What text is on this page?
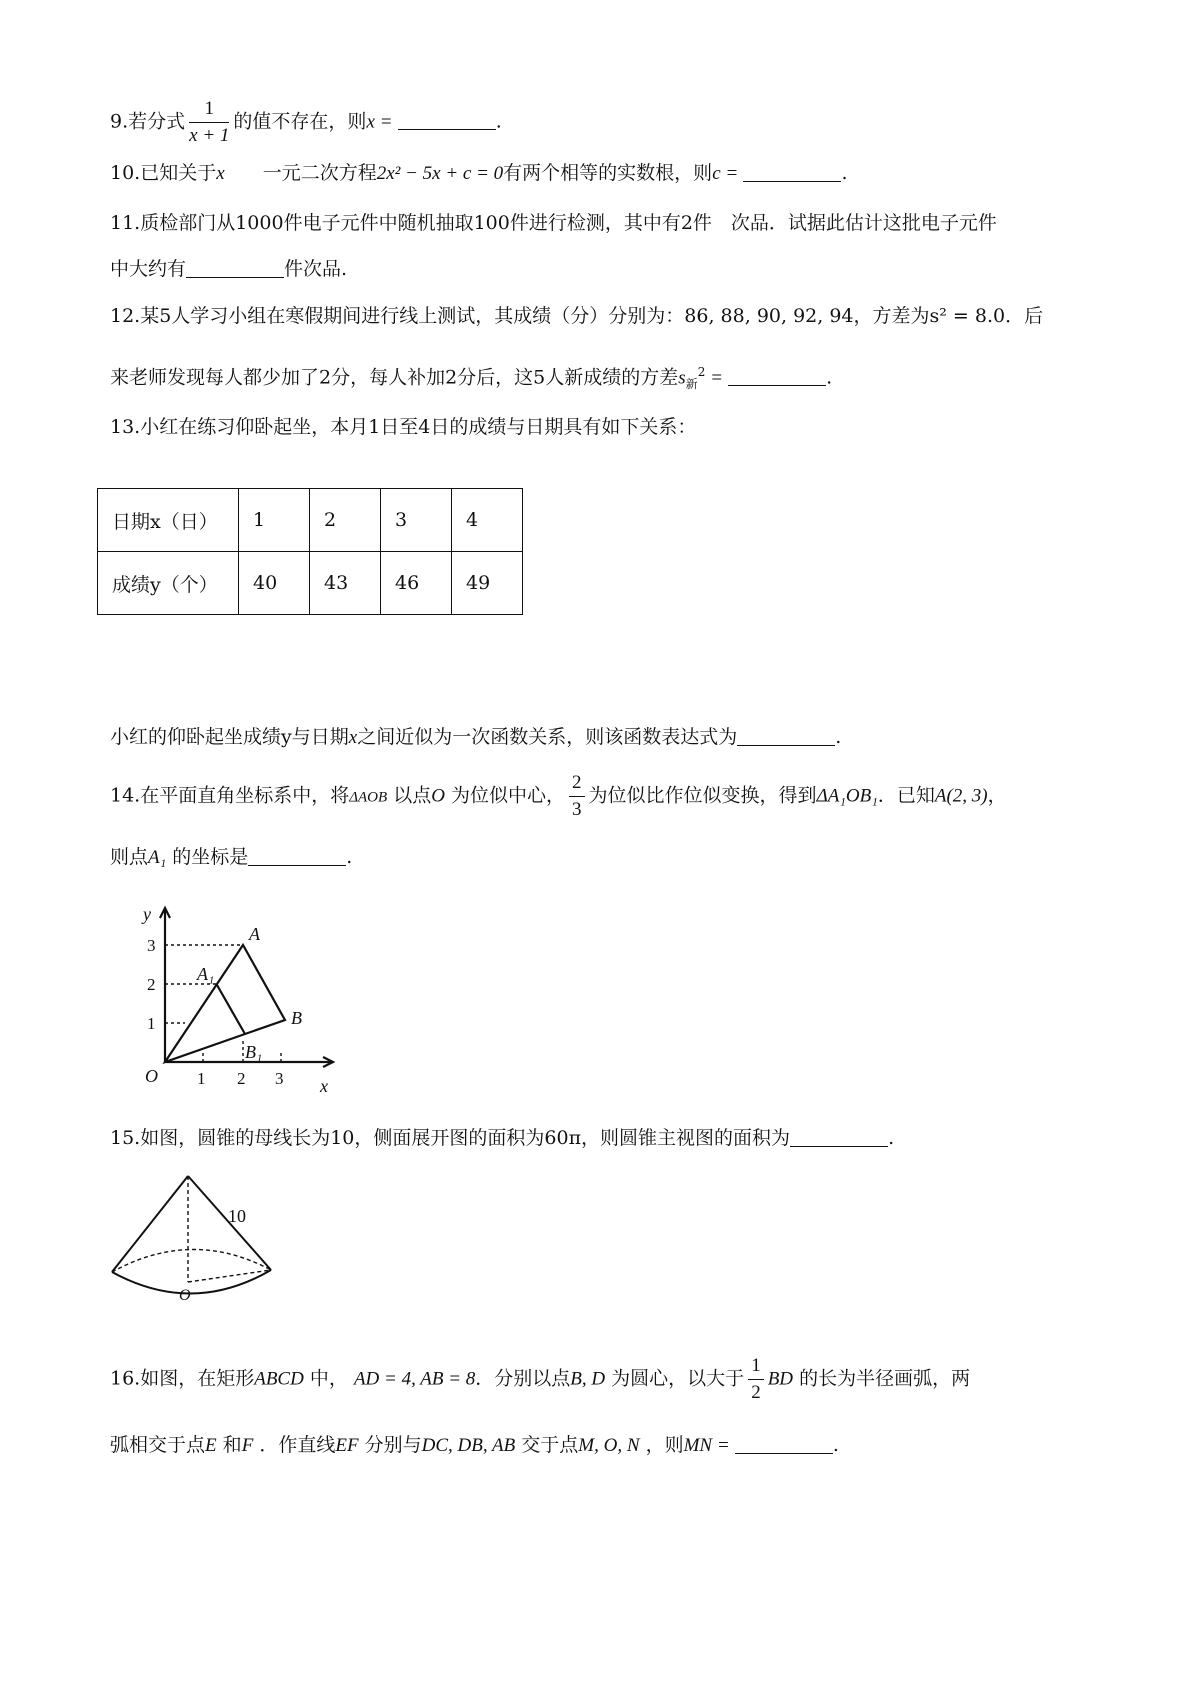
9.若分式 $\frac{1}{x + 1}$ 的值不存在，则x =	.
10.已知关于x　　 一元二次方程2x² − 5x + c = 0有两个相等的实数根，则c =	.
11.质检部门从1000件电子元件中随机抽取100件进行检测，其中有2件　次品．试据此估计这批电子元件
中大约有	件次品.
12.某5人学习小组在寒假期间进行线上测试，其成绩（分）分别为：86, 88, 90, 92, 94，方差为s² = 8.0．后
来老师发现每人都少加了2分，每人补加2分后，这5人新成绩的方差$s_新^2$ =	.
13.小红在练习仰卧起坐，本月1日至4日的成绩与日期具有如下关系：
日期x（日）	1	2	3	4
成绩y（个）	40	43	46	49
小红的仰卧起坐成绩y与日期x之间近似为一次函数关系，则该函数表达式为	.
14.在平面直角坐标系中，将ΔAOB 以点O 为位似中心， $\frac{2}{3}$ 为位似比作位似变换，得到ΔA₁OB₁．已知A(2, 3)，
则点A₁ 的坐标是	.
y
x
O
A
A₁
B
B₁
1 2 3
1
2
3
15.如图，圆锥的母线长为10，侧面展开图的面积为60π，则圆锥主视图的面积为	.
10
O
16.如图，在矩形ABCD 中， AD = 4, AB = 8．分别以点B, D 为圆心，以大于 $\frac{1}{2}$ BD 的长为半径画弧，两
弧相交于点E 和F ．作直线EF 分别与DC, DB, AB 交于点M, O, N ，则MN =	.
